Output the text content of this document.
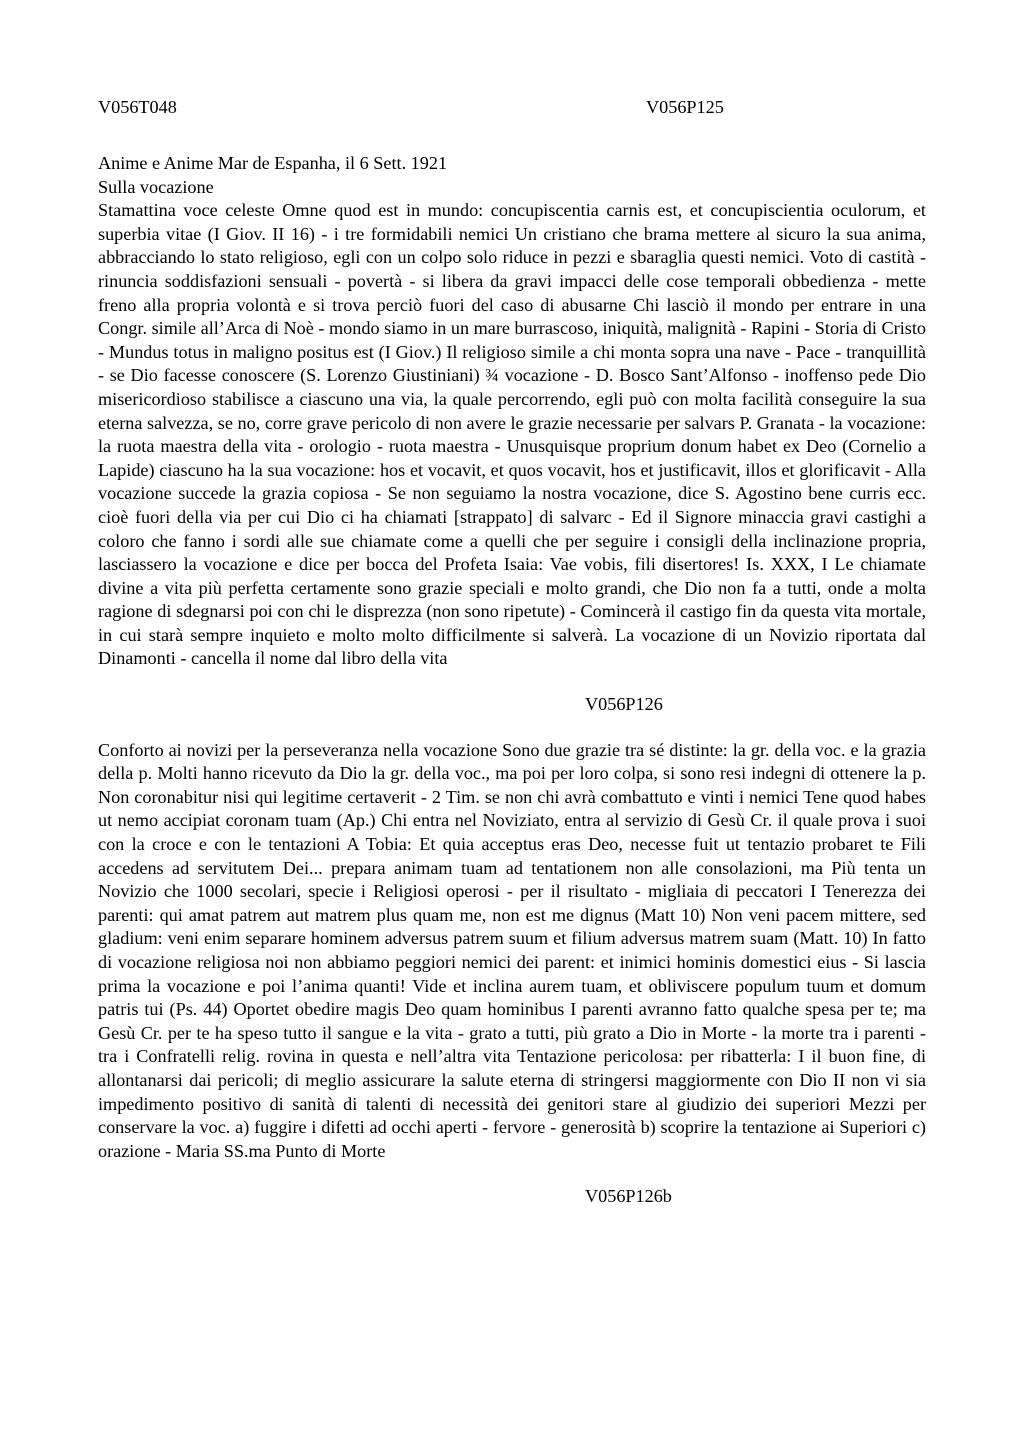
V056T048	V056P125
Anime e Anime Mar de Espanha, il 6 Sett. 1921
Sulla vocazione

Stamattina voce celeste Omne quod est in mundo: concupiscentia carnis est, et concupiscientia oculorum, et superbia vitae (I Giov. II 16) - i tre formidabili nemici Un cristiano che brama mettere al sicuro la sua anima, abbracciando lo stato religioso, egli con un colpo solo riduce in pezzi e sbaraglia questi nemici. Voto di castità - rinuncia soddisfazioni sensuali - povertà - si libera da gravi impacci delle cose temporali obbedienza - mette freno alla propria volontà e si trova perciò fuori del caso di abusarne Chi lasciò il mondo per entrare in una Congr. simile all’Arca di Noè - mondo siamo in un mare burrascoso, iniquità, malignità - Rapini - Storia di Cristo - Mundus totus in maligno positus est (I Giov.) Il religioso simile a chi monta sopra una nave - Pace - tranquillità - se Dio facesse conoscere (S. Lorenzo Giustiniani) ¾ vocazione - D. Bosco Sant’Alfonso - inoffenso pede Dio misericordioso stabilisce a ciascuno una via, la quale percorrendo, egli può con molta facilità conseguire la sua eterna salvezza, se no, corre grave pericolo di non avere le grazie necessarie per salvars P. Granata - la vocazione: la ruota maestra della vita - orologio - ruota maestra - Unusquisque proprium donum habet ex Deo (Cornelio a Lapide) ciascuno ha la sua vocazione: hos et vocavit, et quos vocavit, hos et justificavit, illos et glorificavit - Alla vocazione succede la grazia copiosa - Se non seguiamo la nostra vocazione, dice S. Agostino bene curris ecc. cioè fuori della via per cui Dio ci ha chiamati [strappato] di salvarc - Ed il Signore minaccia gravi castighi a coloro che fanno i sordi alle sue chiamate come a quelli che per seguire i consigli della inclinazione propria, lasciassero la vocazione e dice per bocca del Profeta Isaia: Vae vobis, fili disertores! Is. XXX, I Le chiamate divine a vita più perfetta certamente sono grazie speciali e molto grandi, che Dio non fa a tutti, onde a molta ragione di sdegnarsi poi con chi le disprezza (non sono ripetute) - Comincerà il castigo fin da questa vita mortale, in cui starà sempre inquieto e molto molto difficilmente si salverà. La vocazione di un Novizio riportata dal Dinamonti - cancella il nome dal libro della vita

V056P126

Conforto ai novizi per la perseveranza nella vocazione Sono due grazie tra sé distinte: la gr. della voc. e la grazia della p. Molti hanno ricevuto da Dio la gr. della voc., ma poi per loro colpa, si sono resi indegni di ottenere la p. Non coronabitur nisi qui legitime certaverit - 2 Tim. se non chi avrà combattuto e vinti i nemici Tene quod habes ut nemo accipiat coronam tuam (Ap.) Chi entra nel Noviziato, entra al servizio di Gesù Cr. il quale prova i suoi con la croce e con le tentazioni A Tobia: Et quia acceptus eras Deo, necesse fuit ut tentazio probaret te Fili accedens ad servitutem Dei... prepara animam tuam ad tentationem non alle consolazioni, ma Più tenta un Novizio che 1000 secolari, specie i Religiosi operosi - per il risultato - migliaia di peccatori I Tenerezza dei parenti: qui amat patrem aut matrem plus quam me, non est me dignus (Matt 10) Non veni pacem mittere, sed gladium: veni enim separare hominem adversus patrem suum et filium adversus matrem suam (Matt. 10) In fatto di vocazione religiosa noi non abbiamo peggiori nemici dei parent: et inimici hominis domestici eius - Si lascia prima la vocazione e poi l’anima quanti! Vide et inclina aurem tuam, et obliviscere populum tuum et domum patris tui (Ps. 44) Oportet obedire magis Deo quam hominibus I parenti avranno fatto qualche spesa per te; ma Gesù Cr. per te ha speso tutto il sangue e la vita - grato a tutti, più grato a Dio in Morte - la morte tra i parenti - tra i Confratelli relig. rovina in questa e nell’altra vita Tentazione pericolosa: per ribatterla: I il buon fine, di allontanarsi dai pericoli; di meglio assicurare la salute eterna di stringersi maggiormente con Dio II non vi sia impedimento positivo di sanità di talenti di necessità dei genitori stare al giudizio dei superiori Mezzi per conservare la voc. a) fuggire i difetti ad occhi aperti - fervore - generosità b) scoprire la tentazione ai Superiori c) orazione - Maria SS.ma Punto di Morte

V056P126b
